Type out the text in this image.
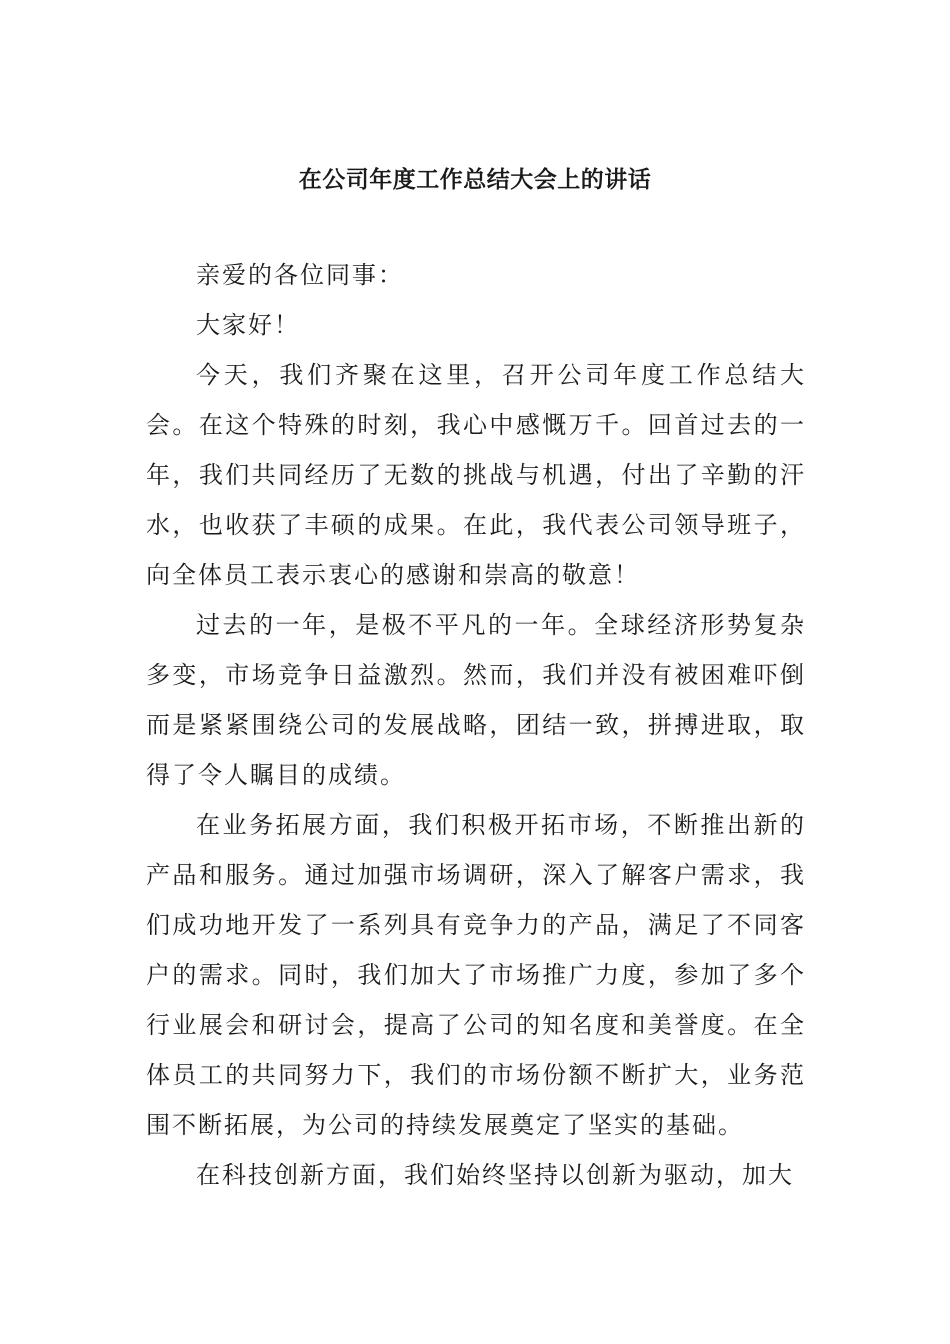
在公司年度工作总结大会上的讲话

亲爱的各位同事：

大家好！

今天，我们齐聚在这里，召开公司年度工作总结大会。在这个特殊的时刻，我心中感慨万千。回首过去的一年，我们共同经历了无数的挑战与机遇，付出了辛勤的汗水，也收获了丰硕的成果。在此，我代表公司领导班子，向全体员工表示衷心的感谢和崇高的敬意！

过去的一年，是极不平凡的一年。全球经济形势复杂多变，市场竞争日益激烈。然而，我们并没有被困难吓倒而是紧紧围绕公司的发展战略，团结一致，拼搏进取，取得了令人瞩目的成绩。

在业务拓展方面，我们积极开拓市场，不断推出新的产品和服务。通过加强市场调研，深入了解客户需求，我们成功地开发了一系列具有竞争力的产品，满足了不同客户的需求。同时，我们加大了市场推广力度，参加了多个行业展会和研讨会，提高了公司的知名度和美誉度。在全体员工的共同努力下，我们的市场份额不断扩大，业务范围不断拓展，为公司的持续发展奠定了坚实的基础。

在科技创新方面，我们始终坚持以创新为驱动，加大
